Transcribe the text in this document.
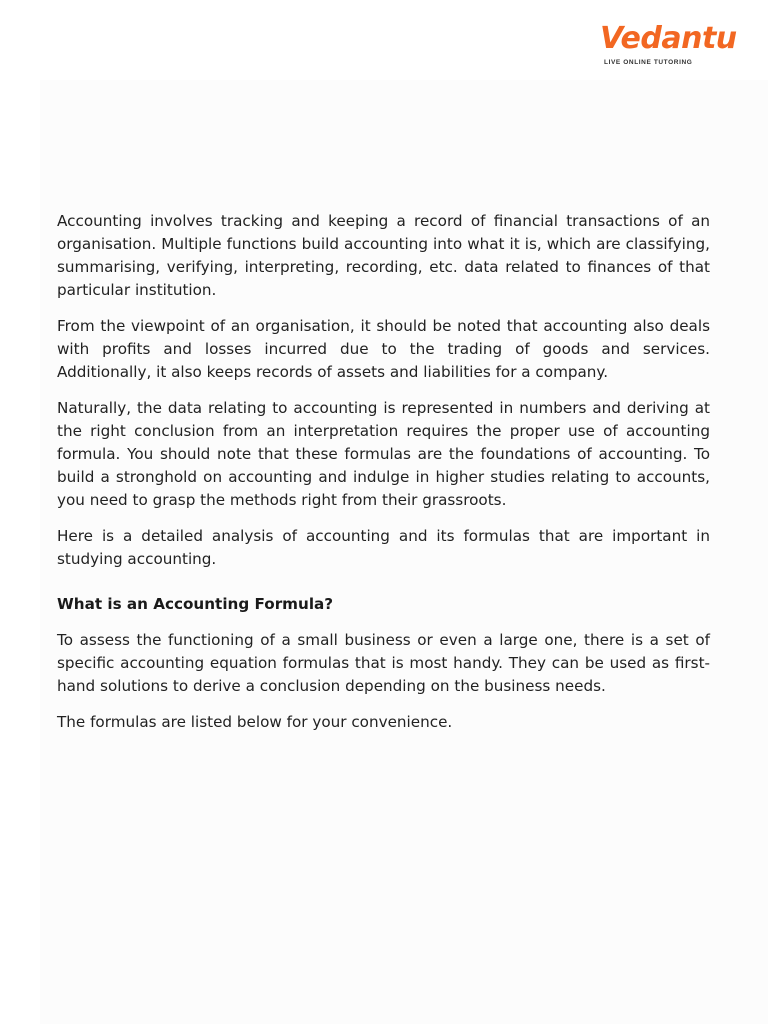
Vedantu
LIVE ONLINE TUTORING

Accounting involves tracking and keeping a record of financial transactions of an organisation. Multiple functions build accounting into what it is, which are classifying, summarising, verifying, interpreting, recording, etc. data related to finances of that particular institution.

From the viewpoint of an organisation, it should be noted that accounting also deals with profits and losses incurred due to the trading of goods and services. Additionally, it also keeps records of assets and liabilities for a company.

Naturally, the data relating to accounting is represented in numbers and deriving at the right conclusion from an interpretation requires the proper use of accounting formula. You should note that these formulas are the foundations of accounting. To build a stronghold on accounting and indulge in higher studies relating to accounts, you need to grasp the methods right from their grassroots.

Here is a detailed analysis of accounting and its formulas that are important in studying accounting.

What is an Accounting Formula?

To assess the functioning of a small business or even a large one, there is a set of specific accounting equation formulas that is most handy. They can be used as first-hand solutions to derive a conclusion depending on the business needs.

The formulas are listed below for your convenience.
